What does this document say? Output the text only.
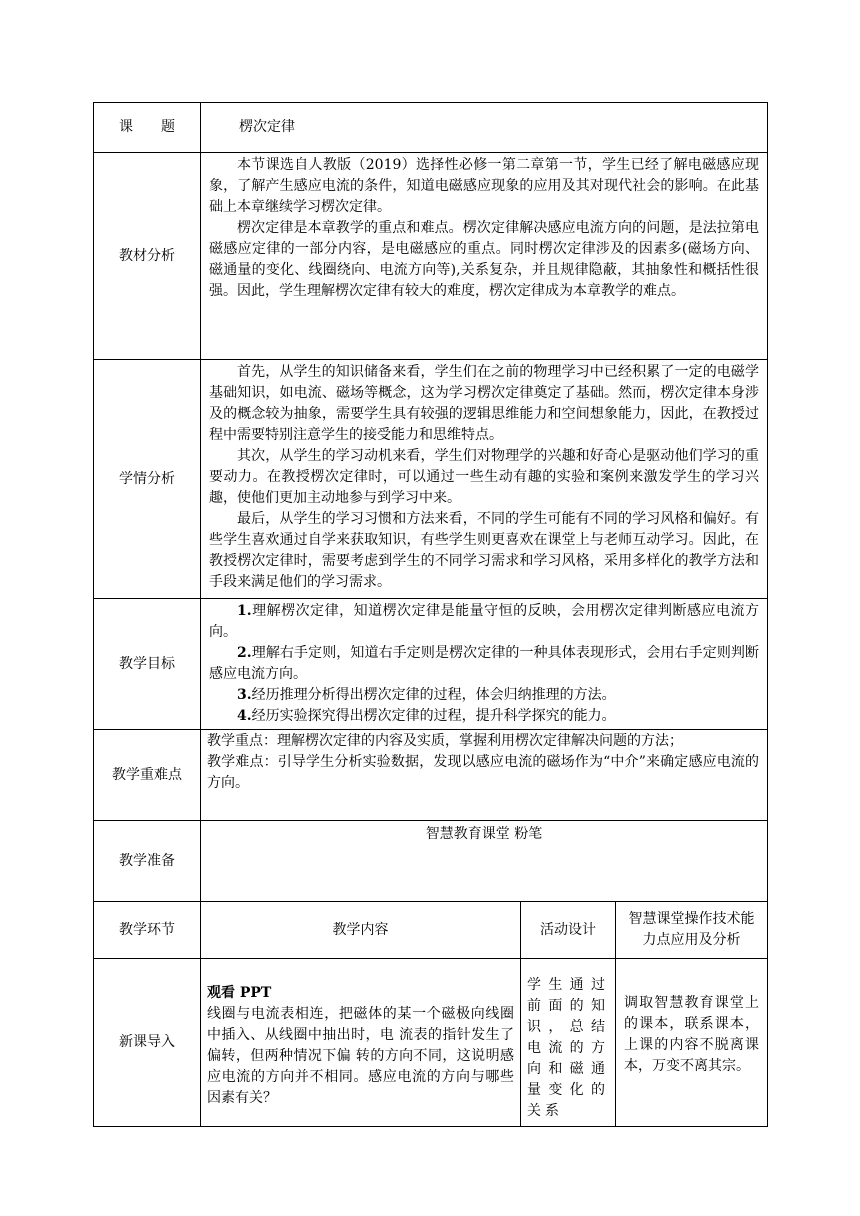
课　　题	楞次定律		

教材分析	本节课选自人教版（2019）选择性必修一第二章第一节，学生已经了解电磁感应现象，了解产生感应电流的条件，知道电磁感应现象的应用及其对现代社会的影响。在此基础上本章继续学习楞次定律。

楞次定律是本章教学的重点和难点。楞次定律解决感应电流方向的问题，是法拉第电磁感应定律的一部分内容，是电磁感应的重点。同时楞次定律涉及的因素多(磁场方向、磁通量的变化、线圈绕向、电流方向等),关系复杂，并且规律隐蔽，其抽象性和概括性很强。因此，学生理解楞次定律有较大的难度，楞次定律成为本章教学的难点。		

学情分析	首先，从学生的知识储备来看，学生们在之前的物理学习中已经积累了一定的电磁学基础知识，如电流、磁场等概念，这为学习楞次定律奠定了基础。然而，楞次定律本身涉及的概念较为抽象，需要学生具有较强的逻辑思维能力和空间想象能力，因此，在教授过程中需要特别注意学生的接受能力和思维特点。

其次，从学生的学习动机来看，学生们对物理学的兴趣和好奇心是驱动他们学习的重要动力。在教授楞次定律时，可以通过一些生动有趣的实验和案例来激发学生的学习兴趣，使他们更加主动地参与到学习中来。

最后，从学生的学习习惯和方法来看，不同的学生可能有不同的学习风格和偏好。有些学生喜欢通过自学来获取知识，有些学生则更喜欢在课堂上与老师互动学习。因此，在教授楞次定律时，需要考虑到学生的不同学习需求和学习风格，采用多样化的教学方法和手段来满足他们的学习需求。		

教学目标	1.理解楞次定律，知道楞次定律是能量守恒的反映，会用楞次定律判断感应电流方向。

2.理解右手定则，知道右手定则是楞次定律的一种具体表现形式，会用右手定则判断感应电流方向。

3.经历推理分析得出楞次定律的过程，体会归纳推理的方法。

4.经历实验探究得出楞次定律的过程，提升科学探究的能力。		

教学重难点	教学重点：理解楞次定律的内容及实质，掌握利用楞次定律解决问题的方法；

教学难点：引导学生分析实验数据，发现以感应电流的磁场作为“中介”来确定感应电流的方向。		

教学准备	智慧教育课堂 粉笔		

教学环节	教学内容	活动设计	智慧课堂操作技术能力点应用及分析

新课导入	观看 PPT

线圈与电流表相连，把磁体的某一个磁极向线圈中插入、从线圈中抽出时，电 流表的指针发生了偏转，但两种情况下偏 转的方向不同，这说明感应电流的方向并不相同。感应电流的方向与哪些因素有关？	学生通过前面的知识，总结电流的方向和磁通量变化的关系	调取智慧教育课堂上的课本，联系课本，上课的内容不脱离课本，万变不离其宗。
